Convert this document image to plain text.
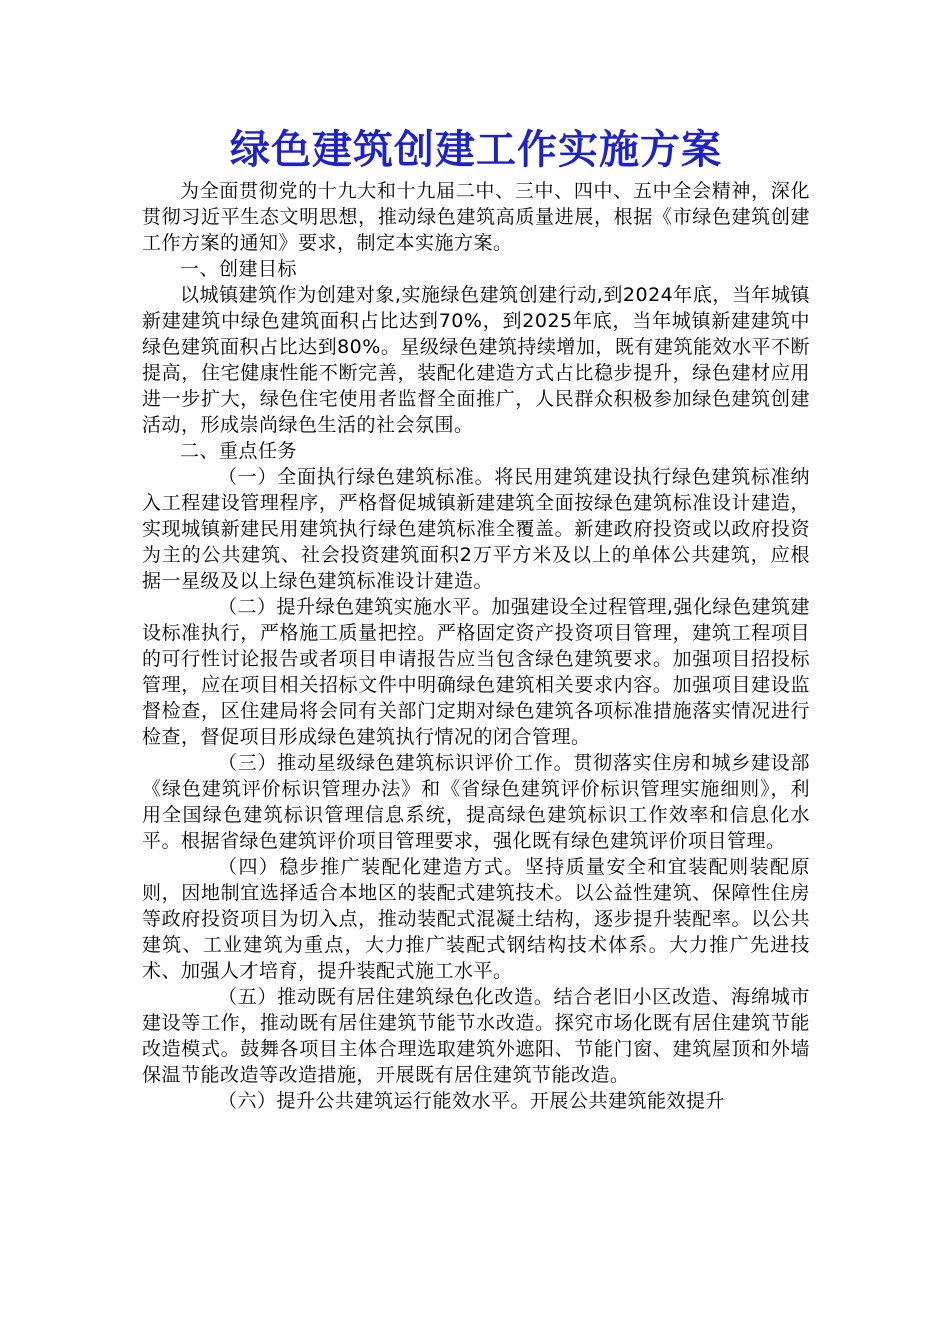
绿色建筑创建工作实施方案

为全面贯彻党的十九大和十九届二中、三中、四中、五中全会精神，深化贯彻习近平生态文明思想，推动绿色建筑高质量进展，根据《市绿色建筑创建工作方案的通知》要求，制定本实施方案。

一、创建目标

以城镇建筑作为创建对象,实施绿色建筑创建行动,到2024年底，当年城镇新建建筑中绿色建筑面积占比达到70%，到2025年底，当年城镇新建建筑中绿色建筑面积占比达到80%。星级绿色建筑持续增加，既有建筑能效水平不断提高，住宅健康性能不断完善，装配化建造方式占比稳步提升，绿色建材应用进一步扩大，绿色住宅使用者监督全面推广，人民群众积极参加绿色建筑创建活动，形成崇尚绿色生活的社会氛围。

二、重点任务

（一）全面执行绿色建筑标准。将民用建筑建设执行绿色建筑标准纳入工程建设管理程序，严格督促城镇新建建筑全面按绿色建筑标准设计建造，实现城镇新建民用建筑执行绿色建筑标准全覆盖。新建政府投资或以政府投资为主的公共建筑、社会投资建筑面积2万平方米及以上的单体公共建筑，应根据一星级及以上绿色建筑标准设计建造。

（二）提升绿色建筑实施水平。加强建设全过程管理,强化绿色建筑建设标准执行，严格施工质量把控。严格固定资产投资项目管理，建筑工程项目的可行性讨论报告或者项目申请报告应当包含绿色建筑要求。加强项目招投标管理，应在项目相关招标文件中明确绿色建筑相关要求内容。加强项目建设监督检查，区住建局将会同有关部门定期对绿色建筑各项标准措施落实情况进行检查，督促项目形成绿色建筑执行情况的闭合管理。

（三）推动星级绿色建筑标识评价工作。贯彻落实住房和城乡建设部《绿色建筑评价标识管理办法》和《省绿色建筑评价标识管理实施细则》，利用全国绿色建筑标识管理信息系统，提高绿色建筑标识工作效率和信息化水平。根据省绿色建筑评价项目管理要求，强化既有绿色建筑评价项目管理。

（四）稳步推广装配化建造方式。坚持质量安全和宜装配则装配原则，因地制宜选择适合本地区的装配式建筑技术。以公益性建筑、保障性住房等政府投资项目为切入点，推动装配式混凝土结构，逐步提升装配率。以公共建筑、工业建筑为重点，大力推广装配式钢结构技术体系。大力推广先进技术、加强人才培育，提升装配式施工水平。

（五）推动既有居住建筑绿色化改造。结合老旧小区改造、海绵城市建设等工作，推动既有居住建筑节能节水改造。探究市场化既有居住建筑节能改造模式。鼓舞各项目主体合理选取建筑外遮阳、节能门窗、建筑屋顶和外墙保温节能改造等改造措施，开展既有居住建筑节能改造。

（六）提升公共建筑运行能效水平。开展公共建筑能效提升
